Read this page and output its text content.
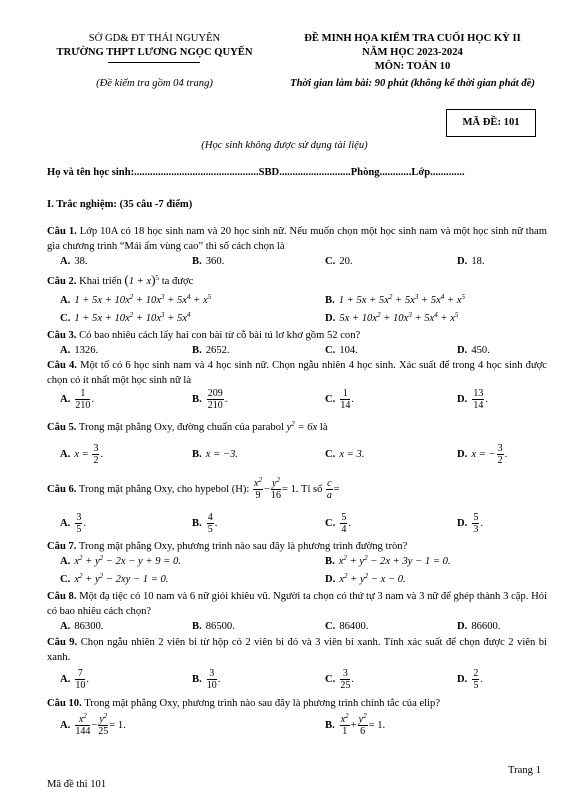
SỞ GD& ĐT THÁI NGUYÊN
TRƯỜNG THPT LƯƠNG NGỌC QUYẾN
(Đề kiểm tra gồm 04 trang)
ĐỀ MINH HỌA KIỂM TRA CUỐI HỌC KỲ II
NĂM HỌC 2023-2024
MÔN: TOÁN 10
Thời gian làm bài: 90 phút (không kể thời gian phát đề)
MÃ ĐỀ: 101
(Học sinh không được sử dụng tài liệu)
Họ và tên học sinh:...............................................SBD...........................Phòng............Lớp.............
I. Trắc nghiệm: (35 câu -7 điểm)
Câu 1. Lớp 10A có 18 học sinh nam và 20 học sinh nữ. Nếu muốn chọn một học sinh nam và một học sinh nữ tham gia chương trình “Mái ấm vùng cao” thì số cách chọn là
A. 38.	B. 360.	C. 20.	D. 18.
Câu 2. Khai triển $(1 + x)^5$ ta được
A. $1 + 5x + 10x^2 + 10x^3 + 5x^4 + x^5$	B. $1 + 5x + 5x^2 + 5x^3 + 5x^4 + x^5$
C. $1 + 5x + 10x^2 + 10x^3 + 5x^4$	D. $5x + 10x^2 + 10x^3 + 5x^4 + x^5$
Câu 3. Có bao nhiêu cách lấy hai con bài từ cỗ bài tú lơ khơ gồm 52 con?
A. 1326.	B. 2652.	C. 104.	D. 450.
Câu 4. Một tổ có 6 học sinh nam và 4 học sinh nữ. Chọn ngẫu nhiên 4 học sinh. Xác suất để trong 4 học sinh được chọn có ít nhất một học sinh nữ là
A. $\frac{1}{210}$ .	B. $\frac{209}{210}$ .	C. $\frac{1}{14}$ .	D. $\frac{13}{14}$ .
Câu 5. Trong mặt phẳng Oxy, đường chuẩn của parabol $y^2 = 6x$ là
A. $x = \frac{3}{2}$ .	B. x = −3.	C. x = 3.	D. x = − $\frac{3}{2}$ .
Câu 6. Trong mặt phẳng Oxy, cho hypebol (H): $\frac{x^2}{9} - \frac{y^2}{16} = 1$. Tỉ số $\frac{c}{a}$ =
A. $\frac{3}{5}$ .	B. $\frac{4}{5}$ .	C. $\frac{5}{4}$ .	D. $\frac{5}{3}$ .
Câu 7. Trong mặt phẳng Oxy, phương trình nào sau đây là phương trình đường tròn?
A. $x^2 + y^2 - 2x - y + 9 = 0$.	B. $x^2 + y^2 - 2x + 3y - 1 = 0$.
C. $x^2 + y^2 - 2xy - 1 = 0$.	D. $x^2 + y^2 - x - 0$.
Câu 8. Một đạ tiệc có 10 nam và 6 nữ giỏi khiêu vũ. Người ta chọn có thứ tự 3 nam và 3 nữ để ghép thành 3 cặp. Hỏi có bao nhiêu cách chọn?
A. 86300.	B. 86500.	C. 86400.	D. 86600.
Câu 9. Chọn ngẫu nhiên 2 viên bi từ hộp có 2 viên bi đỏ và 3 viên bi xanh. Tính xác suất để chọn được 2 viên bi xanh.
A. $\frac{7}{10}$ .	B. $\frac{3}{10}$ .	C. $\frac{3}{25}$ .	D. $\frac{2}{5}$ .
Câu 10. Trong mặt phẳng Oxy, phương trình nào sau đây là phương trình chính tắc của elip?
A. $\frac{x^2}{144} - \frac{y^2}{25} = 1$.	B. $\frac{x^2}{1} + \frac{y^2}{6} = 1$.
Trang 1
Mã đề thi 101
